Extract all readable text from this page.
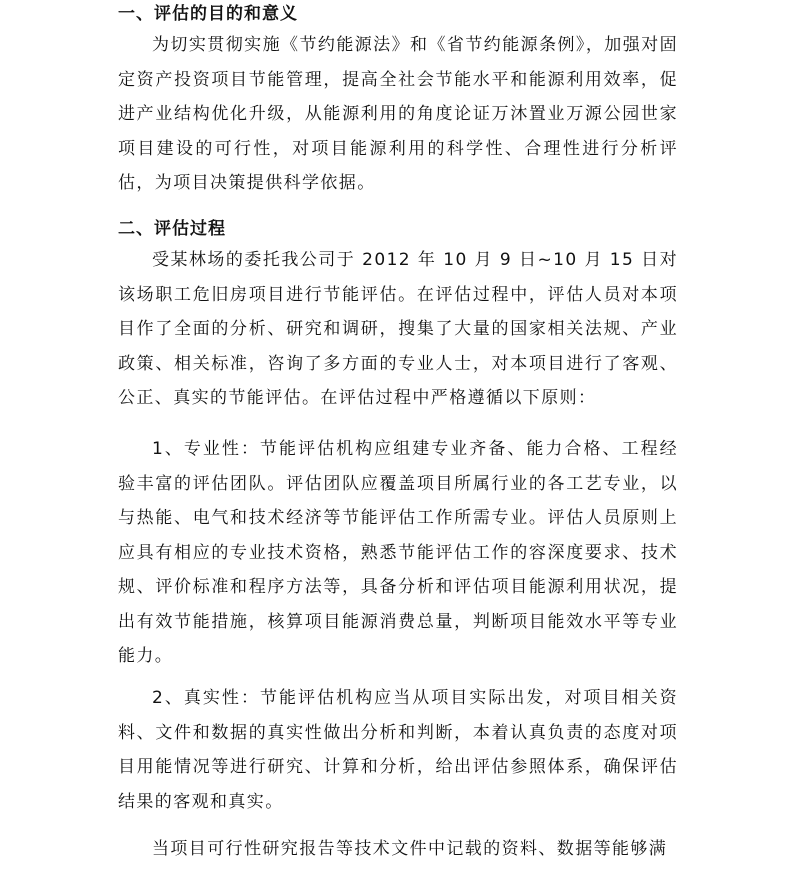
一、评估的目的和意义
为切实贯彻实施《节约能源法》和《省节约能源条例》，加强对固定资产投资项目节能管理，提高全社会节能水平和能源利用效率，促进产业结构优化升级，从能源利用的角度论证万沐置业万源公园世家项目建设的可行性，对项目能源利用的科学性、合理性进行分析评估，为项目决策提供科学依据。
二、评估过程
受某林场的委托我公司于 2012 年 10 月 9 日~10 月 15 日对该场职工危旧房项目进行节能评估。在评估过程中，评估人员对本项目作了全面的分析、研究和调研，搜集了大量的国家相关法规、产业政策、相关标准，咨询了多方面的专业人士，对本项目进行了客观、公正、真实的节能评估。在评估过程中严格遵循以下原则：
1、专业性：节能评估机构应组建专业齐备、能力合格、工程经验丰富的评估团队。评估团队应覆盖项目所属行业的各工艺专业，以与热能、电气和技术经济等节能评估工作所需专业。评估人员原则上应具有相应的专业技术资格，熟悉节能评估工作的容深度要求、技术规、评价标准和程序方法等，具备分析和评估项目能源利用状况，提出有效节能措施，核算项目能源消费总量，判断项目能效水平等专业能力。
2、真实性：节能评估机构应当从项目实际出发，对项目相关资料、文件和数据的真实性做出分析和判断，本着认真负责的态度对项目用能情况等进行研究、计算和分析，给出评估参照体系，确保评估结果的客观和真实。
当项目可行性研究报告等技术文件中记载的资料、数据等能够满
